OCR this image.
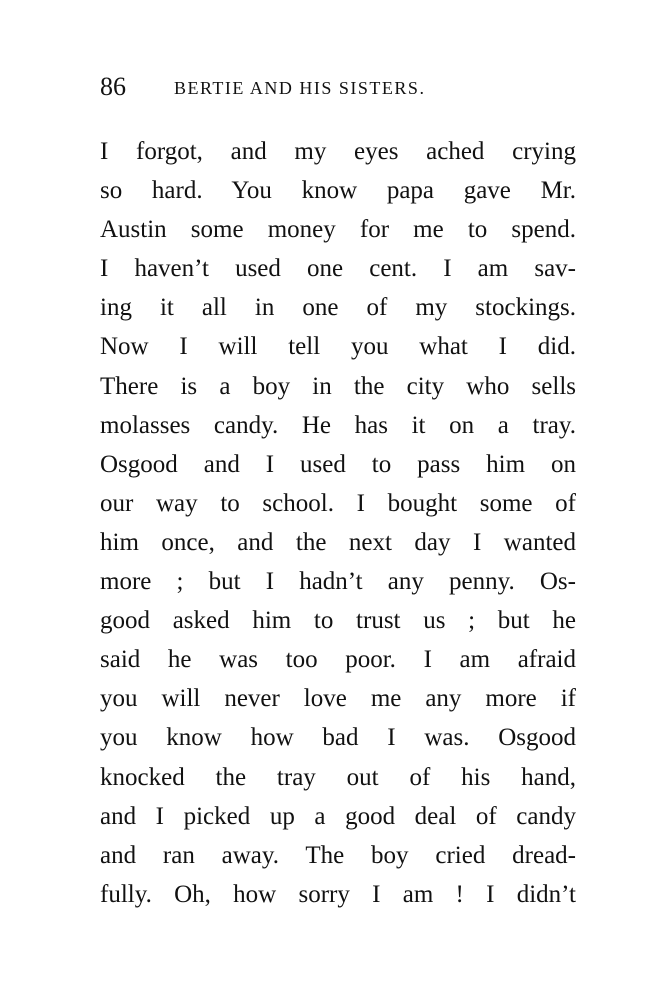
86	BERTIE AND HIS SISTERS.
I forgot, and my eyes ached crying
so hard. You know papa gave Mr.
Austin some money for me to spend.
I haven’t used one cent. I am sav-
ing it all in one of my stockings.
Now I will tell you what I did.
There is a boy in the city who sells
molasses candy. He has it on a tray.
Osgood and I used to pass him on
our way to school. I bought some of
him once, and the next day I wanted
more ; but I hadn’t any penny. Os-
good asked him to trust us ; but he
said he was too poor. I am afraid
you will never love me any more if
you know how bad I was. Osgood
knocked the tray out of his hand,
and I picked up a good deal of candy
and ran away. The boy cried dread-
fully. Oh, how sorry I am ! I didn’t
